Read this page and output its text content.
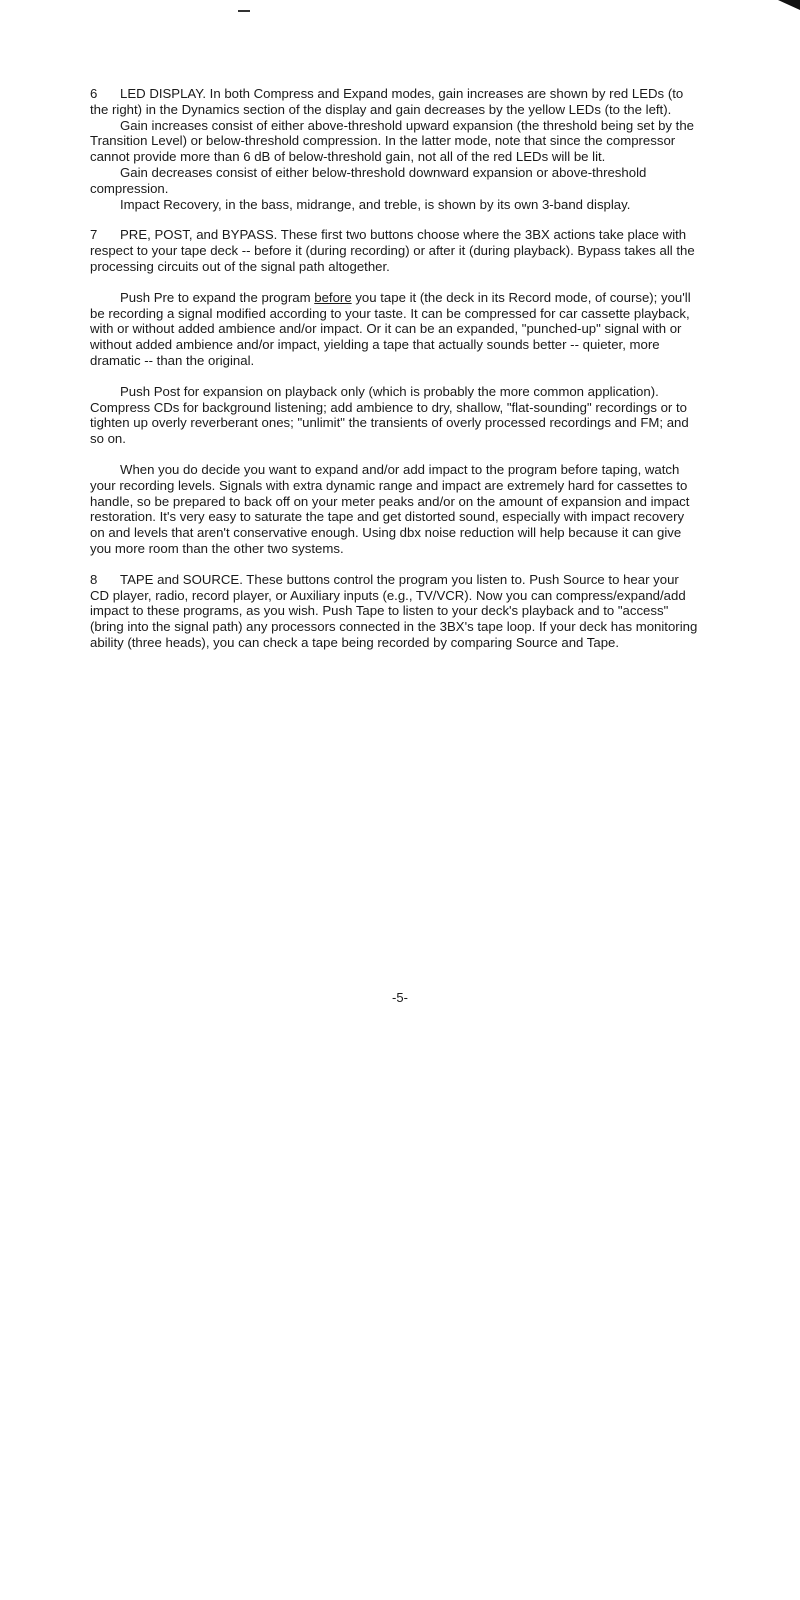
6 LED DISPLAY. In both Compress and Expand modes, gain increases are shown by red LEDs (to the right) in the Dynamics section of the display and gain decreases by the yellow LEDs (to the left).

Gain increases consist of either above-threshold upward expansion (the threshold being set by the Transition Level) or below-threshold compression. In the latter mode, note that since the compressor cannot provide more than 6 dB of below-threshold gain, not all of the red LEDs will be lit.

Gain decreases consist of either below-threshold downward expansion or above-threshold compression.

Impact Recovery, in the bass, midrange, and treble, is shown by its own 3-band display.

7 PRE, POST, and BYPASS. These first two buttons choose where the 3BX actions take place with respect to your tape deck -- before it (during recording) or after it (during playback). Bypass takes all the processing circuits out of the signal path altogether.

Push Pre to expand the program before you tape it (the deck in its Record mode, of course); you'll be recording a signal modified according to your taste. It can be compressed for car cassette playback, with or without added ambience and/or impact. Or it can be an expanded, "punched-up" signal with or without added ambience and/or impact, yielding a tape that actually sounds better -- quieter, more dramatic -- than the original.

Push Post for expansion on playback only (which is probably the more common application). Compress CDs for background listening; add ambience to dry, shallow, "flat-sounding" recordings or to tighten up overly reverberant ones; "unlimit" the transients of overly processed recordings and FM; and so on.

When you do decide you want to expand and/or add impact to the program before taping, watch your recording levels. Signals with extra dynamic range and impact are extremely hard for cassettes to handle, so be prepared to back off on your meter peaks and/or on the amount of expansion and impact restoration. It's very easy to saturate the tape and get distorted sound, especially with impact recovery on and levels that aren't conservative enough. Using dbx noise reduction will help because it can give you more room than the other two systems.

8 TAPE and SOURCE. These buttons control the program you listen to. Push Source to hear your CD player, radio, record player, or Auxiliary inputs (e.g., TV/VCR). Now you can compress/expand/add impact to these programs, as you wish. Push Tape to listen to your deck's playback and to "access" (bring into the signal path) any processors connected in the 3BX's tape loop. If your deck has monitoring ability (three heads), you can check a tape being recorded by comparing Source and Tape.

-5-
